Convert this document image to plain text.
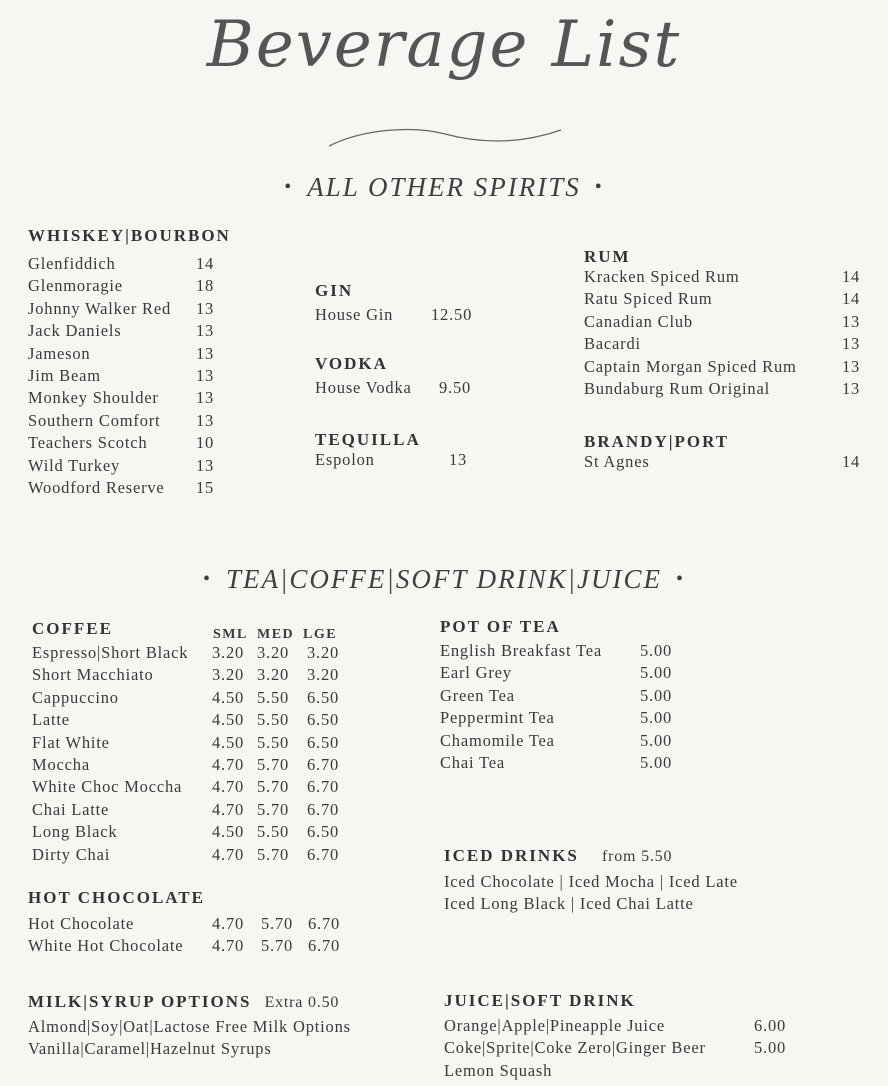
Beverage List
• ALL OTHER SPIRITS •
WHISKEY|BOURBON
Glenfiddich	14
Glenmoragie	18
Johnny Walker Red 13
Jack Daniels	13
Jameson	13
Jim Beam	13
Monkey Shoulder 13
Southern Comfort 13
Teachers Scotch	10
Wild Turkey	13
Woodford Reserve 15
GIN
House Gin 12.50
VODKA
House Vodka 9.50
TEQUILLA
Espolon	13
RUM
Kracken Spiced Rum	14
Ratu Spiced Rum	14
Canadian Club	13
Bacardi	13
Captain Morgan Spiced Rum	13
Bundaburg Rum Original	13
BRANDY|PORT
St Agnes	14
• TEA|COFFE|SOFT DRINK|JUICE •
COFFEE	SML MED LGE
Espresso|Short Black 3.20 3.20 3.20
Short Macchiato	3.20 3.20 3.20
Cappuccino	4.50 5.50 6.50
Latte	4.50 5.50 6.50
Flat White	4.50 5.50 6.50
Moccha	4.70 5.70 6.70
White Choc Moccha 4.70 5.70 6.70
Chai Latte	4.70 5.70 6.70
Long Black	4.50 5.50 6.50
Dirty Chai	4.70 5.70 6.70
HOT CHOCOLATE
Hot Chocolate	4.70 5.70 6.70
White Hot Chocolate 4.70 5.70 6.70
MILK|SYRUP OPTIONS Extra 0.50
Almond|Soy|Oat|Lactose Free Milk Options
Vanilla|Caramel|Hazelnut Syrups
POT OF TEA
English Breakfast Tea 5.00
Earl Grey	5.00
Green Tea	5.00
Peppermint Tea	5.00
Chamomile Tea	5.00
Chai Tea	5.00
ICED DRINKS from 5.50
Iced Chocolate | Iced Mocha | Iced Late
Iced Long Black | Iced Chai Latte
JUICE|SOFT DRINK
Orange|Apple|Pineapple Juice	6.00
Coke|Sprite|Coke Zero|Ginger Beer	5.00
Lemon Squash
